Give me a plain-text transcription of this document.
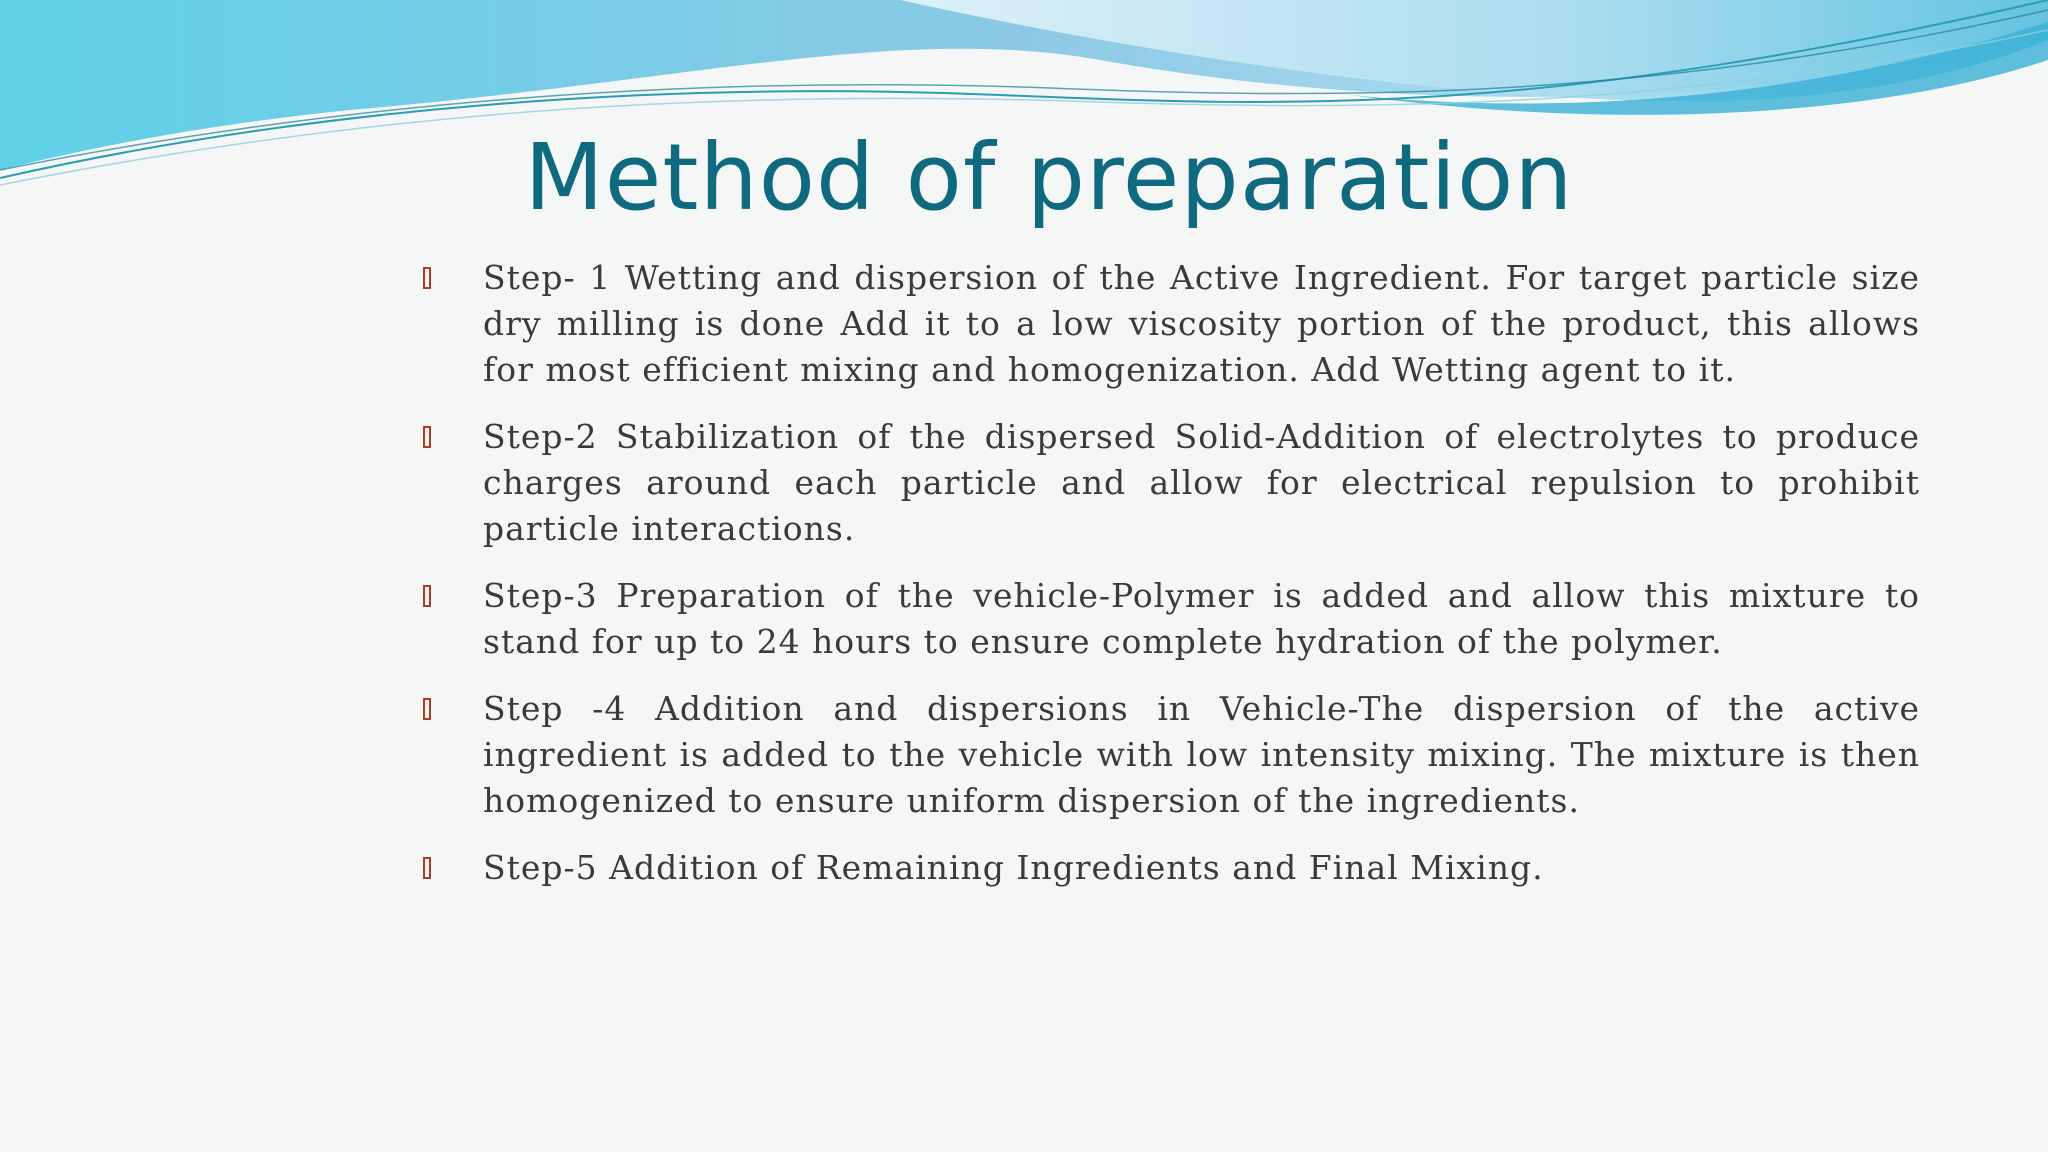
Method of preparation
Step- 1 Wetting and dispersion of the Active Ingredient. For target particle size dry milling is done Add it to a low viscosity portion of the product, this allows for most efficient mixing and homogenization. Add Wetting agent to it.
Step-2 Stabilization of the dispersed Solid-Addition of electrolytes to produce charges around each particle and allow for electrical repulsion to prohibit particle interactions.
Step-3 Preparation of the vehicle-Polymer is added and allow this mixture to stand for up to 24 hours to ensure complete hydration of the polymer.
Step -4 Addition and dispersions in Vehicle-The dispersion of the active ingredient is added to the vehicle with low intensity mixing. The mixture is then homogenized to ensure uniform dispersion of the ingredients.
Step-5 Addition of Remaining Ingredients and Final Mixing.
